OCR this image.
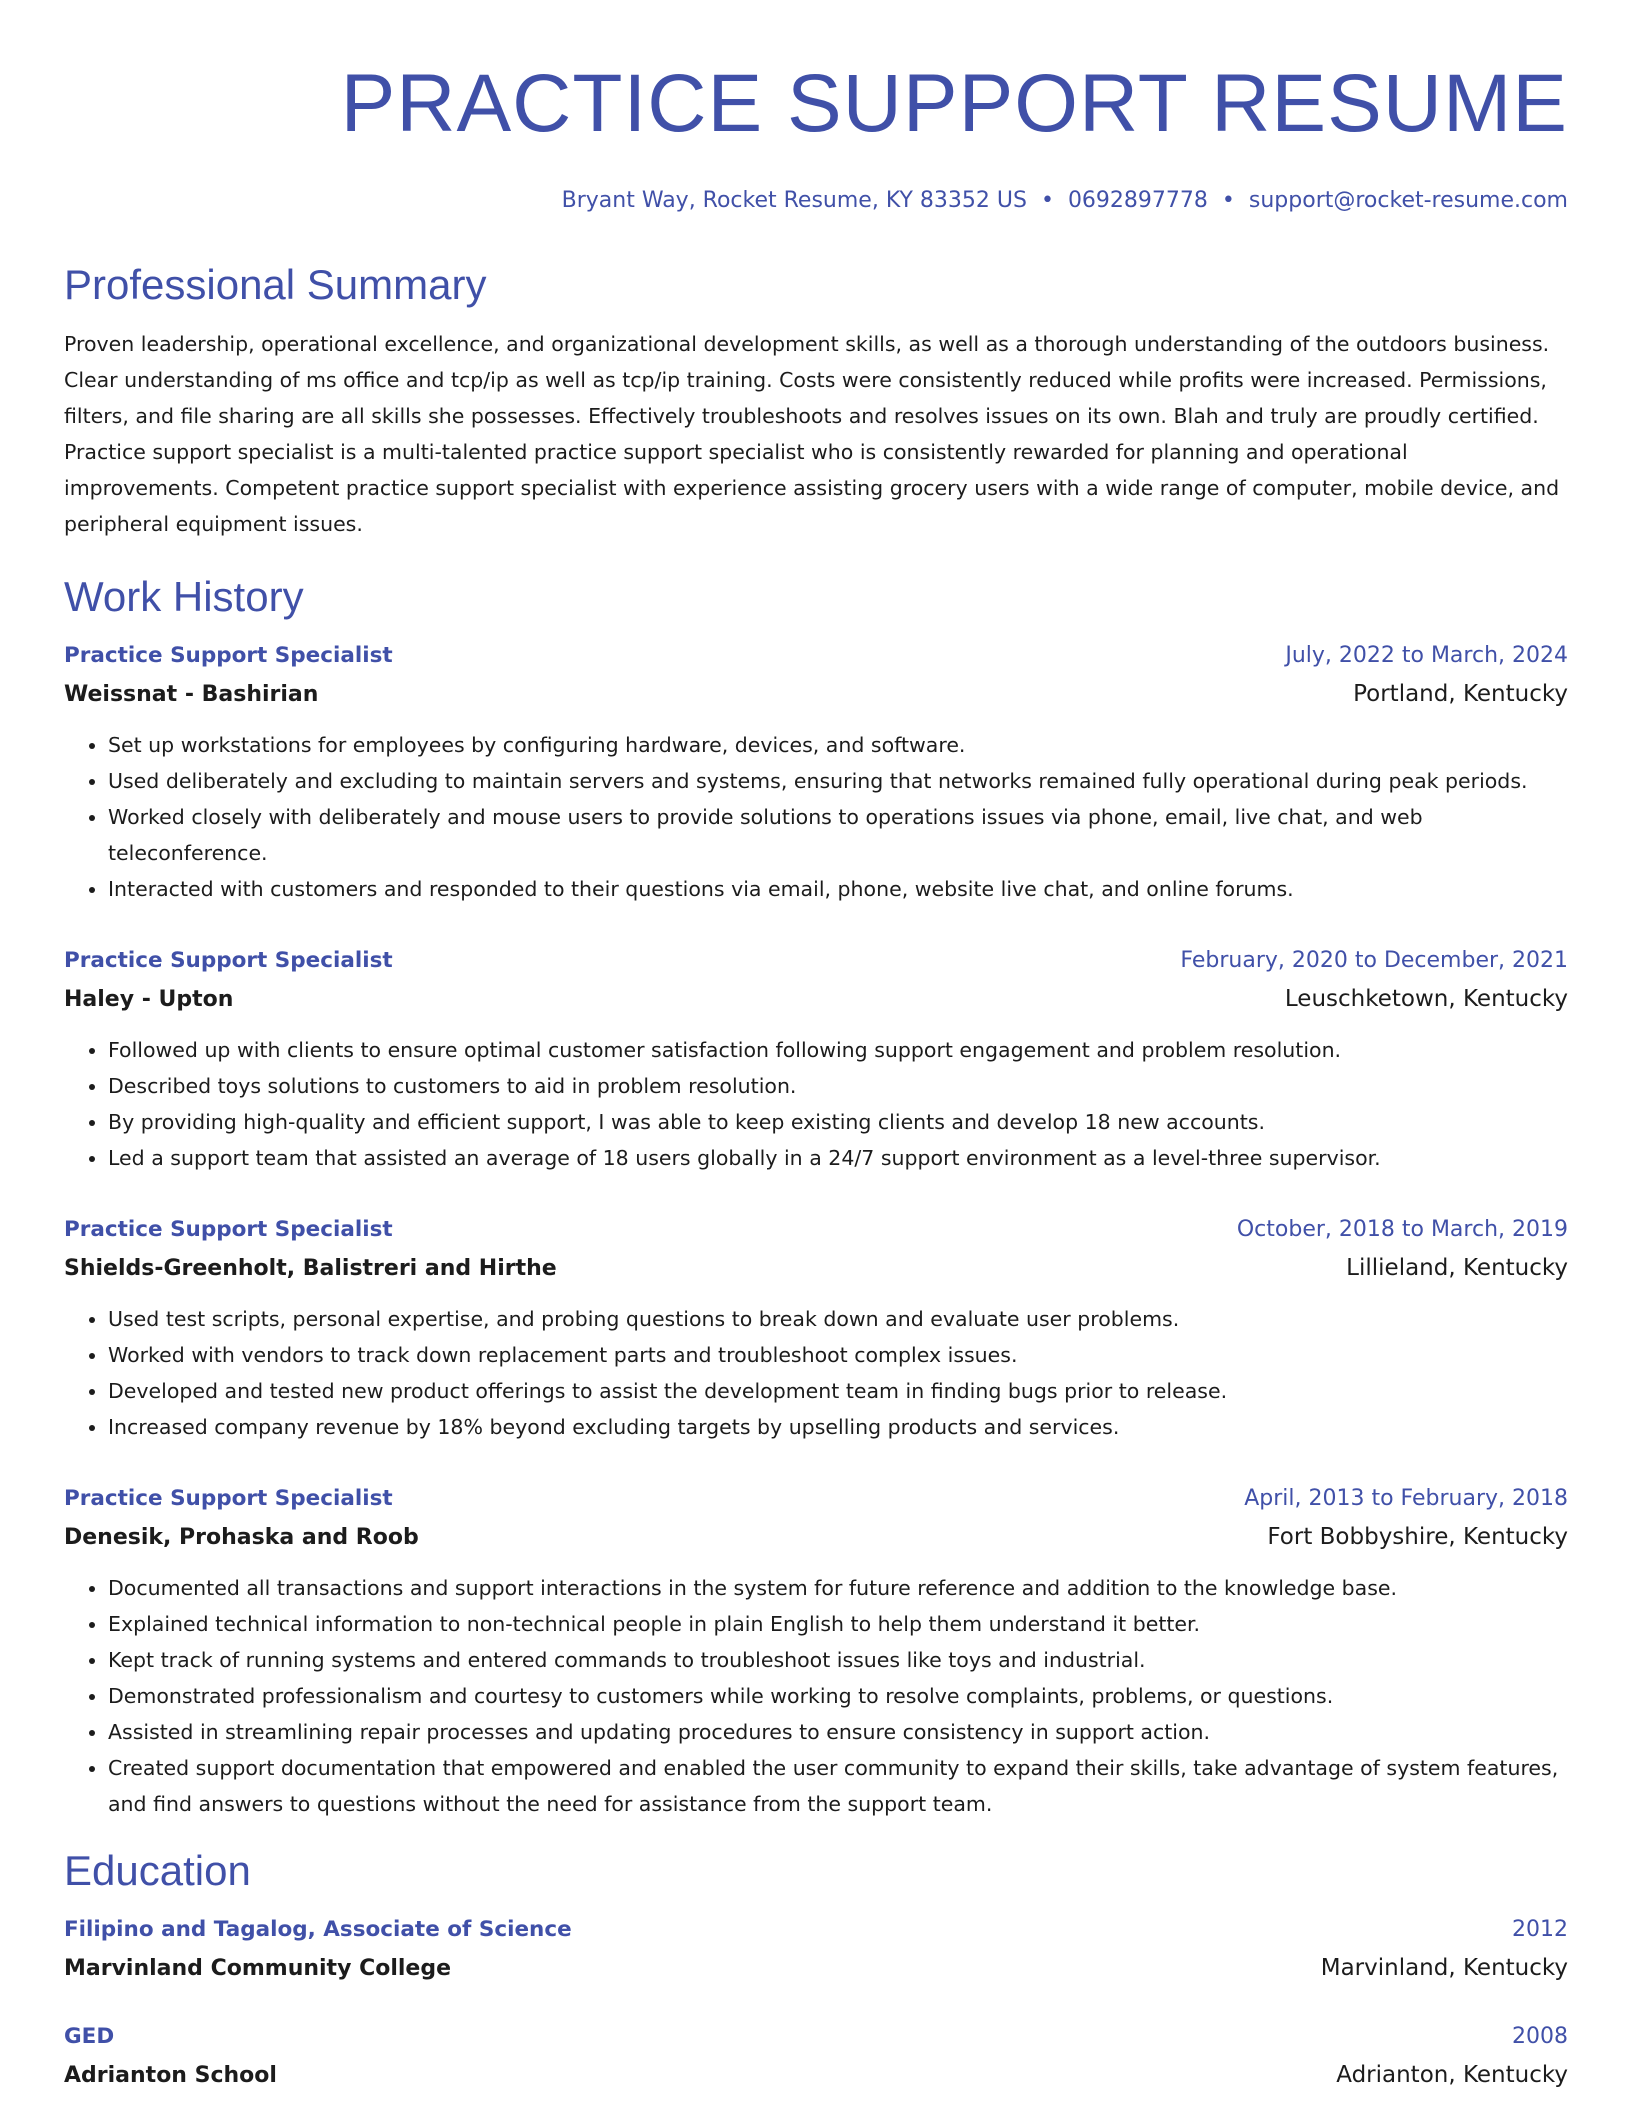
PRACTICE SUPPORT RESUME
Bryant Way, Rocket Resume, KY 83352 US • 0692897778 • support@rocket-resume.com
Professional Summary
Proven leadership, operational excellence, and organizational development skills, as well as a thorough understanding of the outdoors business. Clear understanding of ms office and tcp/ip as well as tcp/ip training. Costs were consistently reduced while profits were increased. Permissions, filters, and file sharing are all skills she possesses. Effectively troubleshoots and resolves issues on its own. Blah and truly are proudly certified. Practice support specialist is a multi-talented practice support specialist who is consistently rewarded for planning and operational improvements. Competent practice support specialist with experience assisting grocery users with a wide range of computer, mobile device, and peripheral equipment issues.
Work History
Practice Support Specialist	July, 2022 to March, 2024
Weissnat - Bashirian	Portland, Kentucky
• Set up workstations for employees by configuring hardware, devices, and software.
• Used deliberately and excluding to maintain servers and systems, ensuring that networks remained fully operational during peak periods.
• Worked closely with deliberately and mouse users to provide solutions to operations issues via phone, email, live chat, and web teleconference.
• Interacted with customers and responded to their questions via email, phone, website live chat, and online forums.
Practice Support Specialist	February, 2020 to December, 2021
Haley - Upton	Leuschketown, Kentucky
• Followed up with clients to ensure optimal customer satisfaction following support engagement and problem resolution.
• Described toys solutions to customers to aid in problem resolution.
• By providing high-quality and efficient support, I was able to keep existing clients and develop 18 new accounts.
• Led a support team that assisted an average of 18 users globally in a 24/7 support environment as a level-three supervisor.
Practice Support Specialist	October, 2018 to March, 2019
Shields-Greenholt, Balistreri and Hirthe	Lillieland, Kentucky
• Used test scripts, personal expertise, and probing questions to break down and evaluate user problems.
• Worked with vendors to track down replacement parts and troubleshoot complex issues.
• Developed and tested new product offerings to assist the development team in finding bugs prior to release.
• Increased company revenue by 18% beyond excluding targets by upselling products and services.
Practice Support Specialist	April, 2013 to February, 2018
Denesik, Prohaska and Roob	Fort Bobbyshire, Kentucky
• Documented all transactions and support interactions in the system for future reference and addition to the knowledge base.
• Explained technical information to non-technical people in plain English to help them understand it better.
• Kept track of running systems and entered commands to troubleshoot issues like toys and industrial.
• Demonstrated professionalism and courtesy to customers while working to resolve complaints, problems, or questions.
• Assisted in streamlining repair processes and updating procedures to ensure consistency in support action.
• Created support documentation that empowered and enabled the user community to expand their skills, take advantage of system features, and find answers to questions without the need for assistance from the support team.
Education
Filipino and Tagalog, Associate of Science	2012
Marvinland Community College	Marvinland, Kentucky
GED	2008
Adrianton School	Adrianton, Kentucky
